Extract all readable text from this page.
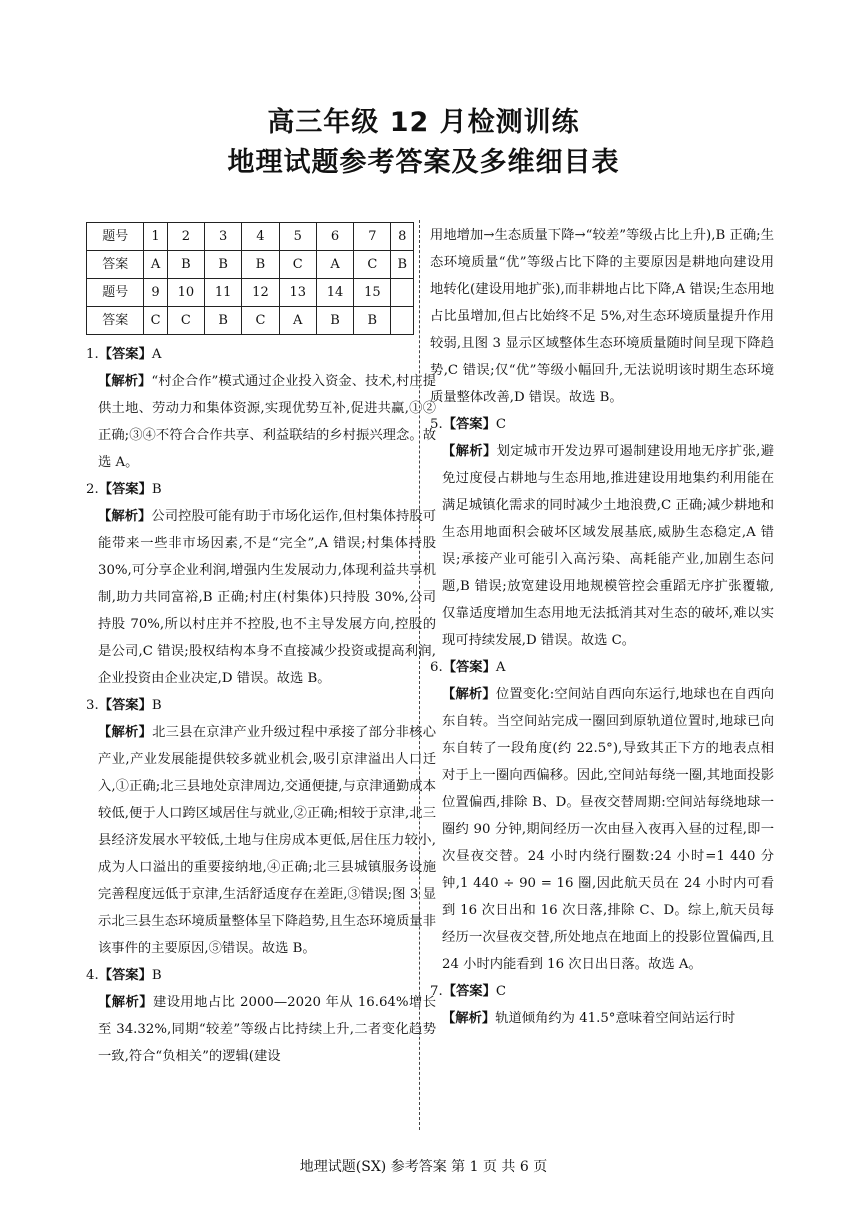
高三年级 12 月检测训练
地理试题参考答案及多维细目表
题号	1	2	3	4	5	6	7	8
答案	A	B	B	B	C	A	C	B
题号	9	10	11	12	13	14	15	
答案	C	C	B	C	A	B	B	

1.【答案】A

【解析】“村企合作”模式通过企业投入资金、技术,村庄提供土地、劳动力和集体资源,实现优势互补,促进共赢,①②正确;③④不符合合作共享、利益联结的乡村振兴理念。故选 A。

2.【答案】B

【解析】公司控股可能有助于市场化运作,但村集体持股可能带来一些非市场因素,不是“完全”,A 错误;村集体持股 30%,可分享企业利润,增强内生发展动力,体现利益共享机制,助力共同富裕,B 正确;村庄(村集体)只持股 30%,公司持股 70%,所以村庄并不控股,也不主导发展方向,控股的是公司,C 错误;股权结构本身不直接减少投资或提高利润,企业投资由企业决定,D 错误。故选 B。

3.【答案】B

【解析】北三县在京津产业升级过程中承接了部分非核心产业,产业发展能提供较多就业机会,吸引京津溢出人口迁入,①正确;北三县地处京津周边,交通便捷,与京津通勤成本较低,便于人口跨区域居住与就业,②正确;相较于京津,北三县经济发展水平较低,土地与住房成本更低,居住压力较小,成为人口溢出的重要接纳地,④正确;北三县城镇服务设施完善程度远低于京津,生活舒适度存在差距,③错误;图 3 显示北三县生态环境质量整体呈下降趋势,且生态环境质量非该事件的主要原因,⑤错误。故选 B。

4.【答案】B

【解析】建设用地占比 2000—2020 年从 16.64%增长至 34.32%,同期“较差”等级占比持续上升,二者变化趋势一致,符合“负相关”的逻辑(建设

用地增加→生态质量下降→“较差”等级占比上升),B 正确;生态环境质量“优”等级占比下降的主要原因是耕地向建设用地转化(建设用地扩张),而非耕地占比下降,A 错误;生态用地占比虽增加,但占比始终不足 5%,对生态环境质量提升作用较弱,且图 3 显示区域整体生态环境质量随时间呈现下降趋势,C 错误;仅“优”等级小幅回升,无法说明该时期生态环境质量整体改善,D 错误。故选 B。

5.【答案】C

【解析】划定城市开发边界可遏制建设用地无序扩张,避免过度侵占耕地与生态用地,推进建设用地集约利用能在满足城镇化需求的同时减少土地浪费,C 正确;减少耕地和生态用地面积会破坏区域发展基底,威胁生态稳定,A 错误;承接产业可能引入高污染、高耗能产业,加剧生态问题,B 错误;放宽建设用地规模管控会重蹈无序扩张覆辙,仅靠适度增加生态用地无法抵消其对生态的破坏,难以实现可持续发展,D 错误。故选 C。

6.【答案】A

【解析】位置变化:空间站自西向东运行,地球也在自西向东自转。当空间站完成一圈回到原轨道位置时,地球已向东自转了一段角度(约 22.5°),导致其正下方的地表点相对于上一圈向西偏移。因此,空间站每绕一圈,其地面投影位置偏西,排除 B、D。昼夜交替周期:空间站每绕地球一圈约 90 分钟,期间经历一次由昼入夜再入昼的过程,即一次昼夜交替。24 小时内绕行圈数:24 小时=1 440 分钟,1 440 ÷ 90 = 16 圈,因此航天员在 24 小时内可看到 16 次日出和 16 次日落,排除 C、D。综上,航天员每经历一次昼夜交替,所处地点在地面上的投影位置偏西,且 24 小时内能看到 16 次日出日落。故选 A。

7.【答案】C

【解析】轨道倾角约为 41.5°意味着空间站运行时

地理试题(SX) 参考答案 第 1 页 共 6 页
